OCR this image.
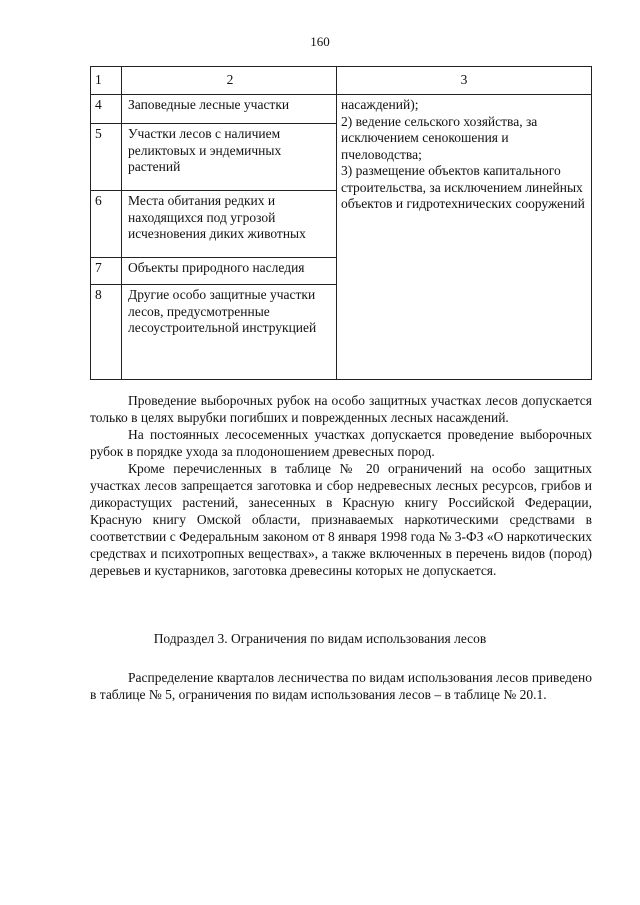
160
1	2	3
4	Заповедные лесные участки	насаждений);
2) ведение сельского хозяйства, за исключением сенокошения и пчеловодства;
3) размещение объектов капитального строительства, за исключением линейных объектов и гидротехнических сооружений

5	Участки лесов с наличием реликтовых и эндемичных растений	
6	Места обитания редких и находящихся под угрозой исчезновения диких животных	
7	Объекты природного наследия	
8	Другие особо защитные участки лесов, предусмотренные лесоустроительной инструкцией	

Проведение выборочных рубок на особо защитных участках лесов допускается только в целях вырубки погибших и поврежденных лесных насаждений.

На постоянных лесосеменных участках допускается проведение выборочных рубок в порядке ухода за плодоношением древесных пород.

Кроме перечисленных в таблице № 20 ограничений на особо защитных участках лесов запрещается заготовка и сбор недревесных лесных ресурсов, грибов и дикорастущих растений, занесенных в Красную книгу Российской Федерации, Красную книгу Омской области, признаваемых наркотическими средствами в соответствии с Федеральным законом от 8 января 1998 года № 3-ФЗ «О наркотических средствах и психотропных веществах», а также включенных в перечень видов (пород) деревьев и кустарников, заготовка древесины которых не допускается.

Подраздел 3. Ограничения по видам использования лесов

Распределение кварталов лесничества по видам использования лесов приведено в таблице № 5, ограничения по видам использования лесов – в таблице № 20.1.
